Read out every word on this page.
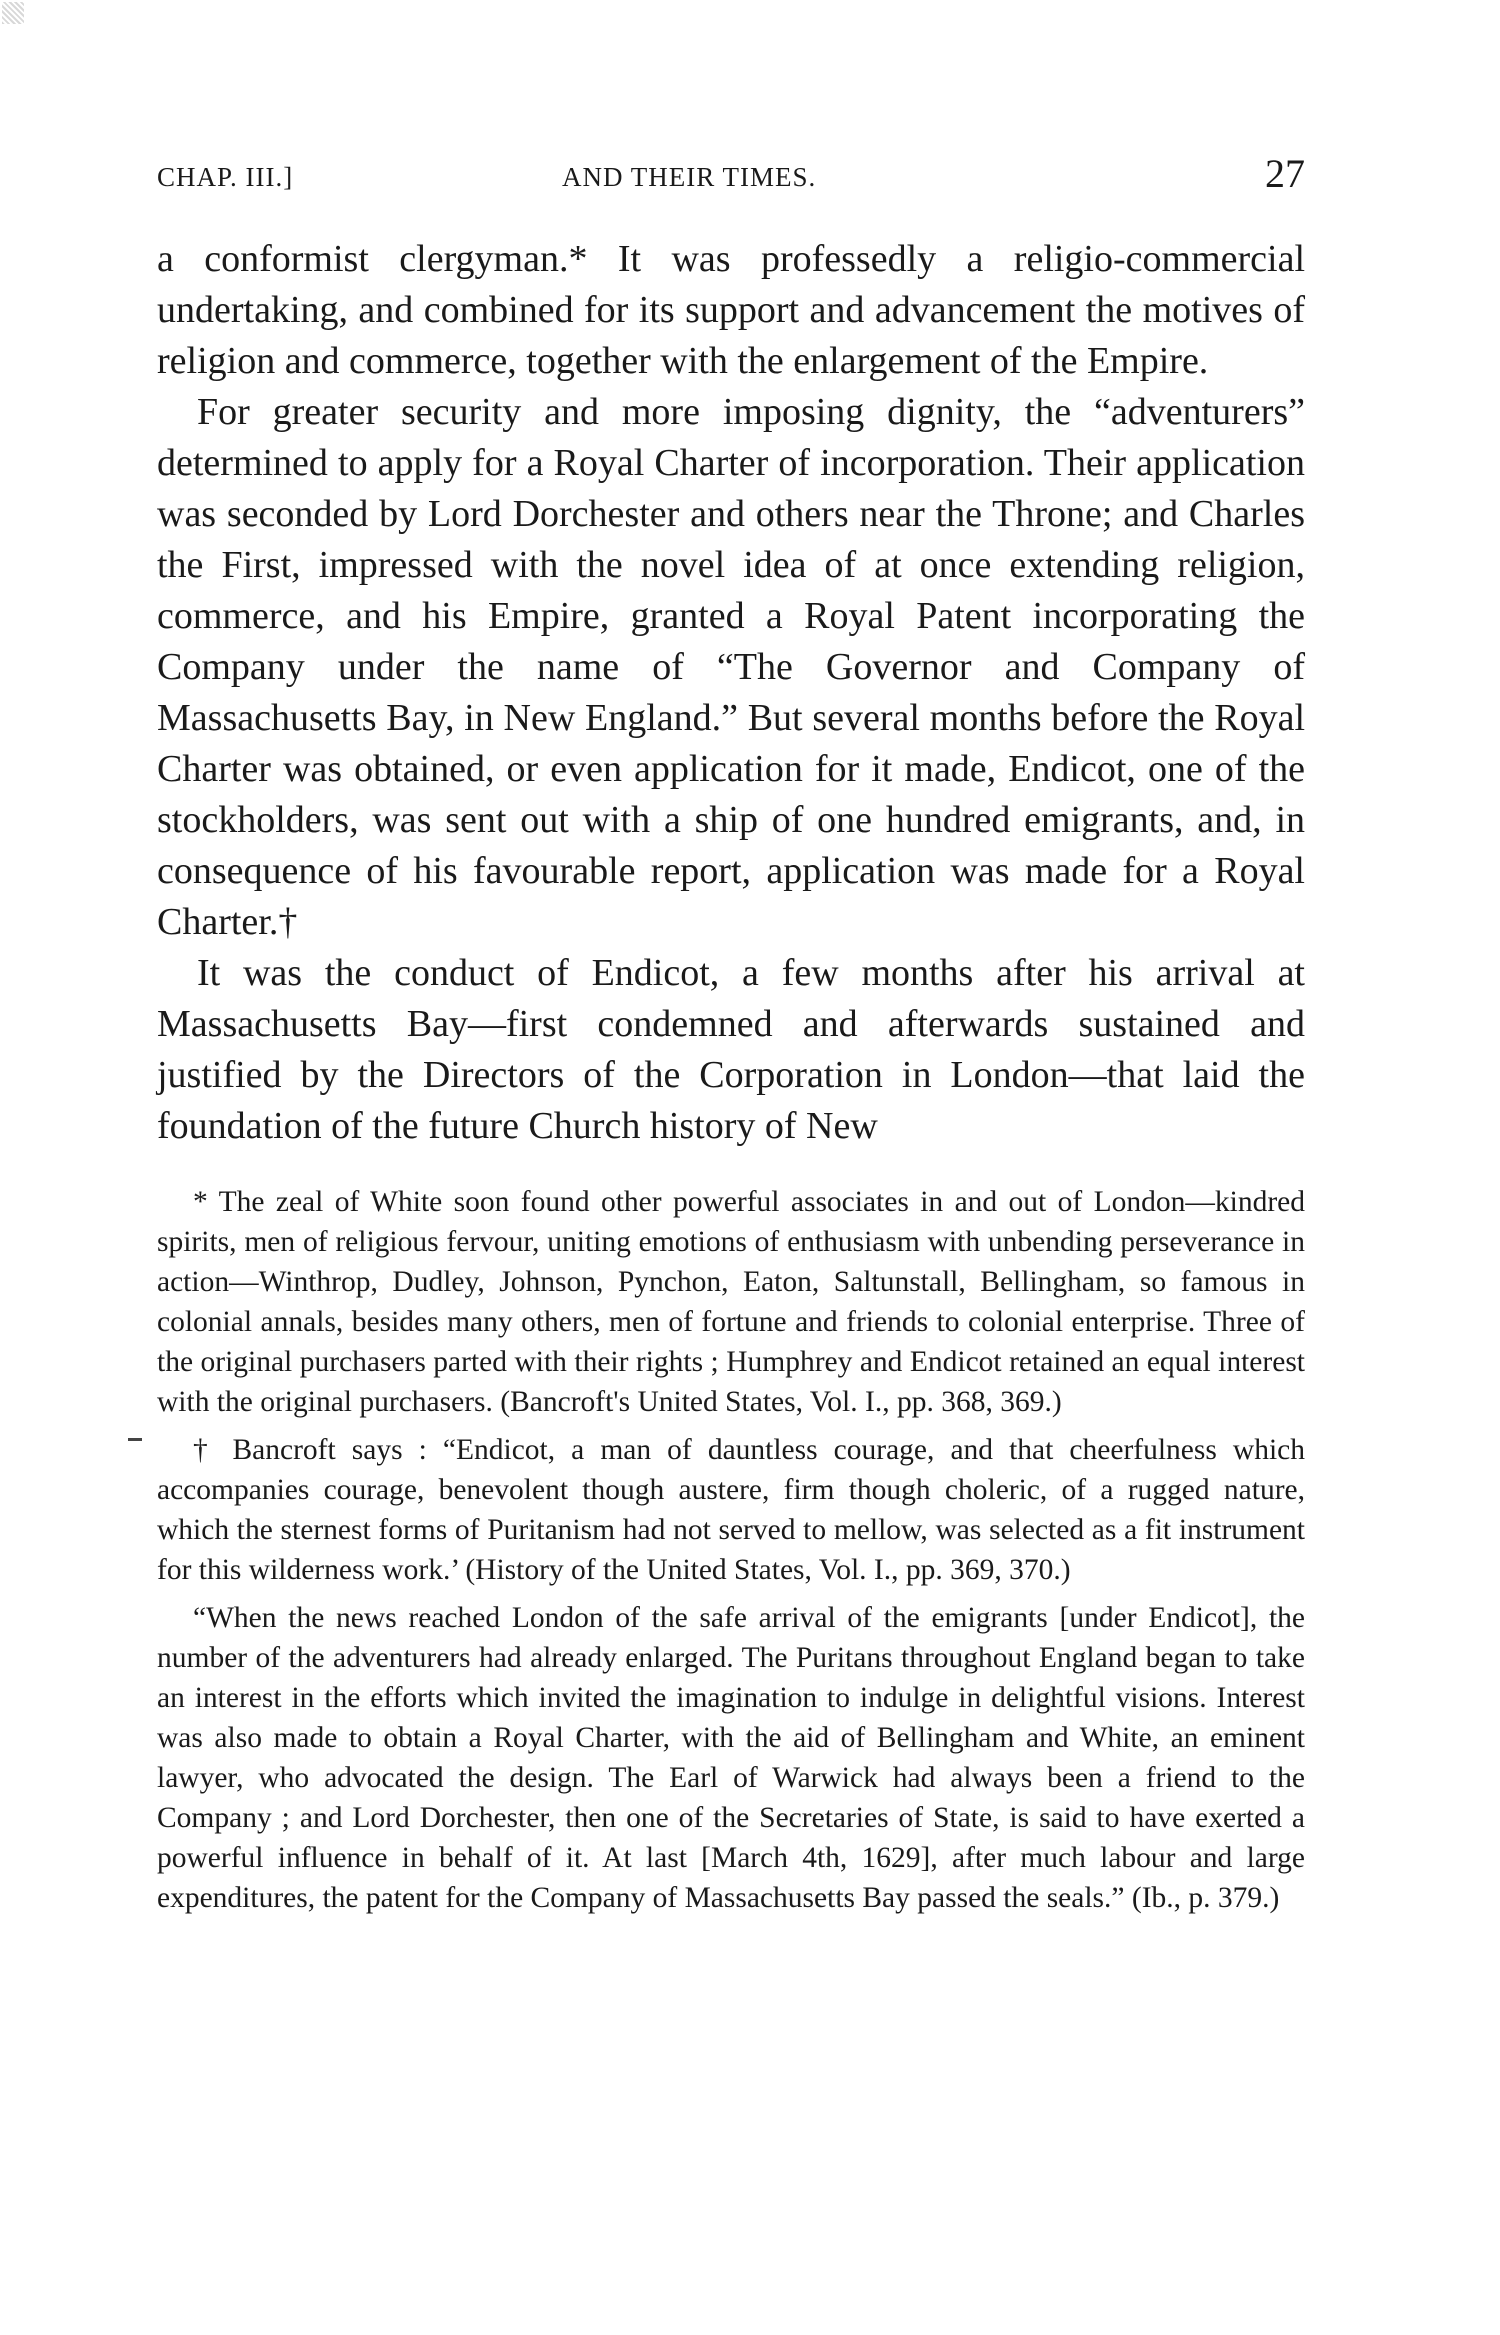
CHAP. III.]	AND THEIR TIMES.	27

a conformist clergyman.* It was professedly a religio-commercial undertaking, and combined for its support and advancement the motives of religion and commerce, together with the enlargement of the Empire.

For greater security and more imposing dignity, the “adventurers” determined to apply for a Royal Charter of incorporation. Their application was seconded by Lord Dorchester and others near the Throne; and Charles the First, impressed with the novel idea of at once extending religion, commerce, and his Empire, granted a Royal Patent incorporating the Company under the name of “The Governor and Company of Massachusetts Bay, in New England.” But several months before the Royal Charter was obtained, or even application for it made, Endicot, one of the stockholders, was sent out with a ship of one hundred emigrants, and, in consequence of his favourable report, application was made for a Royal Charter.†

It was the conduct of Endicot, a few months after his arrival at Massachusetts Bay—first condemned and afterwards sustained and justified by the Directors of the Corporation in London—that laid the foundation of the future Church history of New

* The zeal of White soon found other powerful associates in and out of London—kindred spirits, men of religious fervour, uniting emotions of enthusiasm with unbending perseverance in action—Winthrop, Dudley, Johnson, Pynchon, Eaton, Saltunstall, Bellingham, so famous in colonial annals, besides many others, men of fortune and friends to colonial enterprise. Three of the original purchasers parted with their rights ; Humphrey and Endicot retained an equal interest with the original purchasers. (Bancroft's United States, Vol. I., pp. 368, 369.)

† Bancroft says : “Endicot, a man of dauntless courage, and that cheerfulness which accompanies courage, benevolent though austere, firm though choleric, of a rugged nature, which the sternest forms of Puritanism had not served to mellow, was selected as a fit instrument for this wilderness work.’ (History of the United States, Vol. I., pp. 369, 370.)

“When the news reached London of the safe arrival of the emigrants [under Endicot], the number of the adventurers had already enlarged. The Puritans throughout England began to take an interest in the efforts which invited the imagination to indulge in delightful visions. Interest was also made to obtain a Royal Charter, with the aid of Bellingham and White, an eminent lawyer, who advocated the design. The Earl of Warwick had always been a friend to the Company ; and Lord Dorchester, then one of the Secretaries of State, is said to have exerted a powerful influence in behalf of it. At last [March 4th, 1629], after much labour and large expenditures, the patent for the Company of Massachusetts Bay passed the seals.” (Ib., p. 379.)
